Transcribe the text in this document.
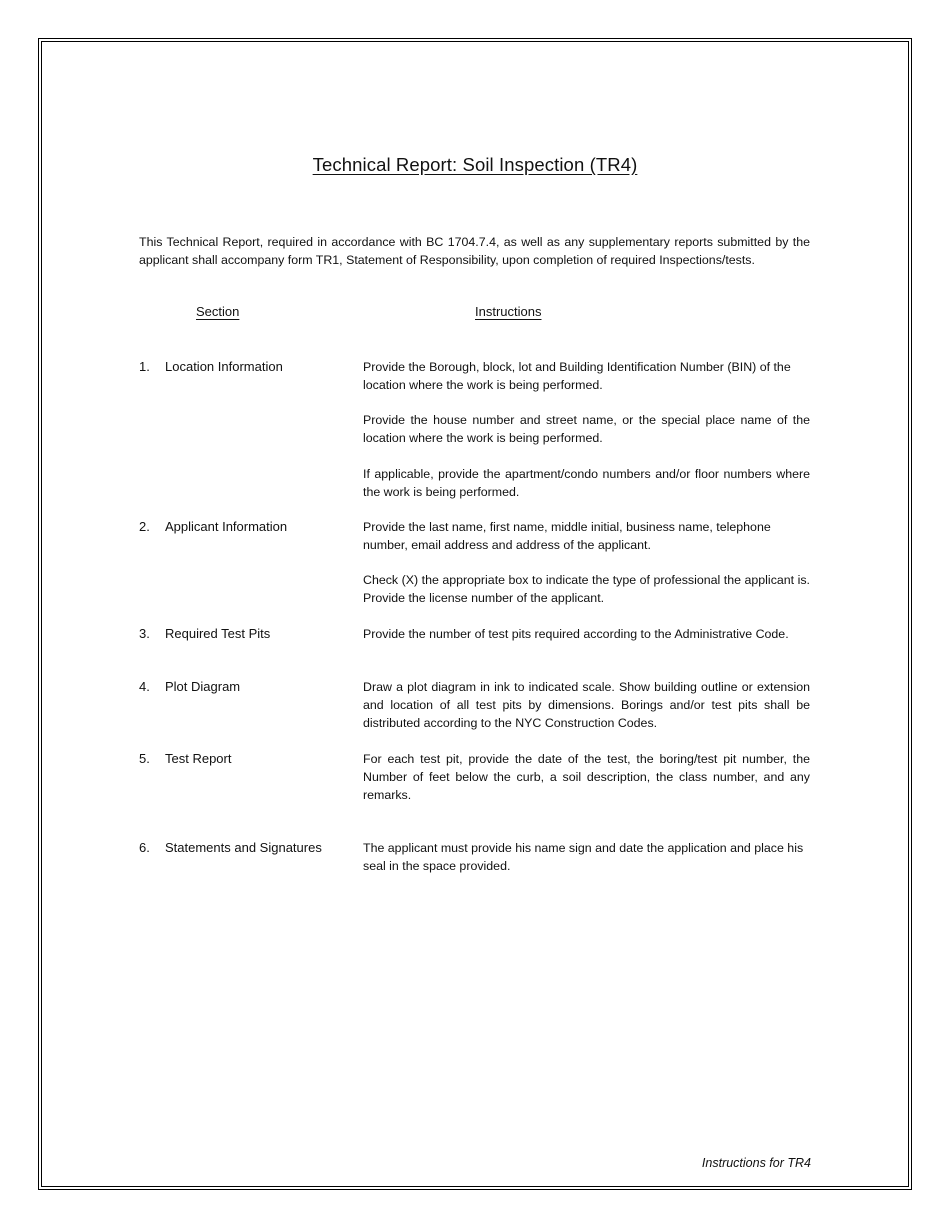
Technical Report: Soil Inspection (TR4)
This Technical Report, required in accordance with BC 1704.7.4, as well as any supplementary reports submitted by the applicant shall accompany form TR1, Statement of Responsibility, upon completion of required Inspections/tests.
Section	Instructions
1. Location Information	Provide the Borough, block, lot and Building Identification Number (BIN) of the location where the work is being performed.
Provide the house number and street name, or the special place name of the location where the work is being performed.
If applicable, provide the apartment/condo numbers and/or floor numbers where the work is being performed.
2. Applicant Information	Provide the last name, first name, middle initial, business name, telephone number, email address and address of the applicant.
Check (X) the appropriate box to indicate the type of professional the applicant is. Provide the license number of the applicant.
3. Required Test Pits	Provide the number of test pits required according to the Administrative Code.
4. Plot Diagram	Draw a plot diagram in ink to indicated scale. Show building outline or extension and location of all test pits by dimensions. Borings and/or test pits shall be distributed according to the NYC Construction Codes.
5. Test Report	For each test pit, provide the date of the test, the boring/test pit number, the Number of feet below the curb, a soil description, the class number, and any remarks.
6. Statements and Signatures	The applicant must provide his name sign and date the application and place his seal in the space provided.
Instructions for TR4
